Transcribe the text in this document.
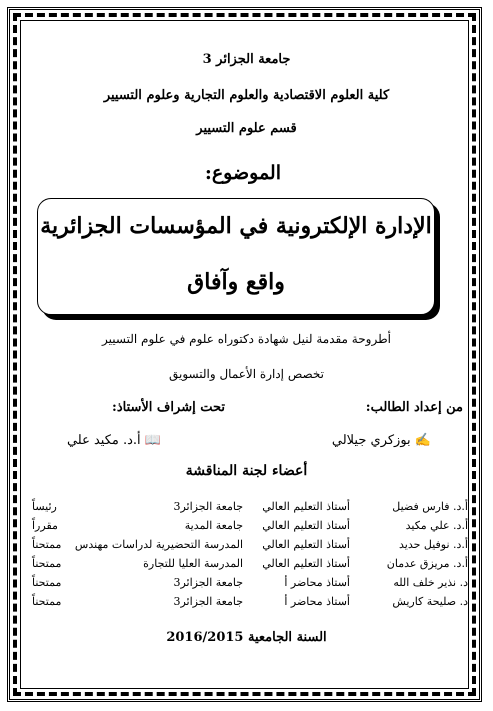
جامعة الجزائر 3
كلية العلوم الاقتصادية والعلوم التجارية وعلوم التسيير
قسم علوم التسيير
الموضوع:
الإدارة الإلكترونية في المؤسسات الجزائرية
واقع وآفاق
أطروحة مقدمة لنيل شهادة دكتوراه علوم في علوم التسيير
تخصص إدارة الأعمال والتسويق
من إعداد الطالب:
تحت إشراف الأستاذ:
✍ بوزكري جيلالي
📖 أ.د. مكيد علي
أعضاء لجنة المناقشة
أ.د. فارس فضيل
أستاذ التعليم العالي
جامعة الجزائر3
رئيساً
أ.د. علي مكيد
أستاذ التعليم العالي
جامعة المدية
مقرراً
أ.د. نوفيل حديد
أستاذ التعليم العالي
المدرسة التحضيرية لدراسات مهندس
ممتحناً
أ.د. مريزق عدمان
أستاذ التعليم العالي
المدرسة العليا للتجارة
ممتحناً
د. نذير خلف الله
أستاذ محاضر أ
جامعة الجزائر3
ممتحناً
د. صليحة كاريش
أستاذ محاضر أ
جامعة الجزائر3
ممتحناً
السنة الجامعية 2016/2015
